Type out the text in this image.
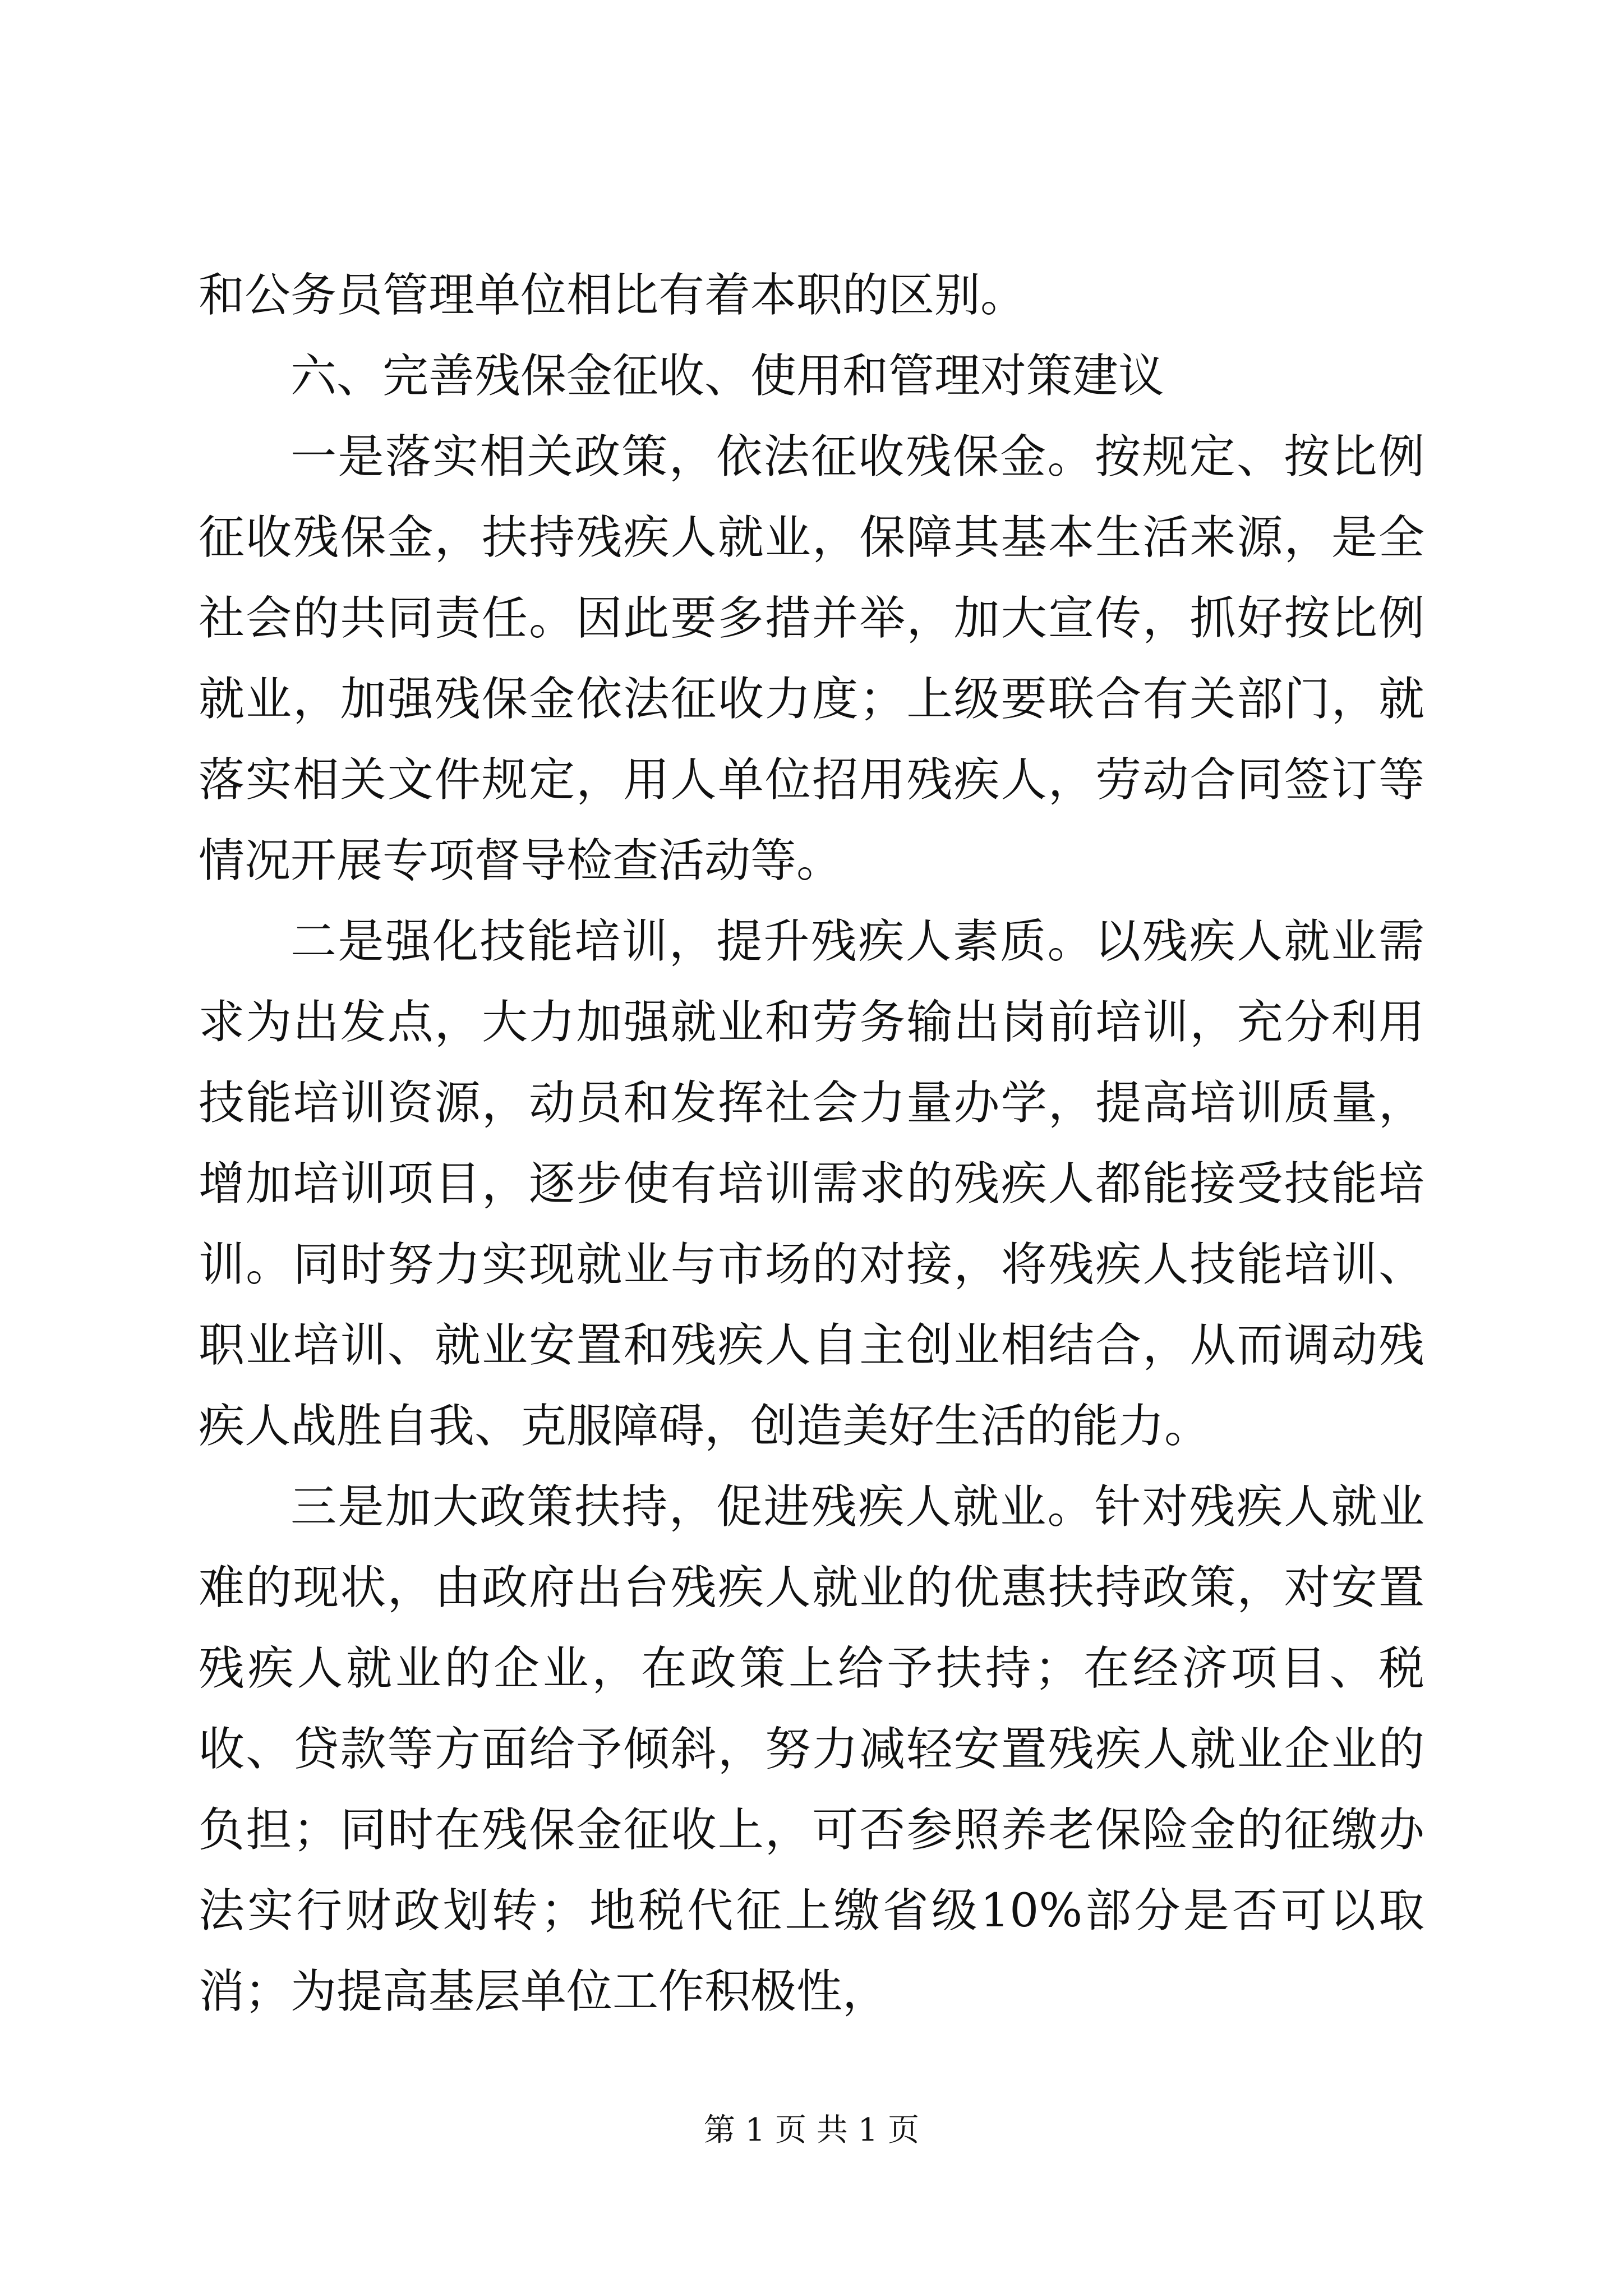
和公务员管理单位相比有着本职的区别。

六、完善残保金征收、使用和管理对策建议

一是落实相关政策，依法征收残保金。按规定、按比例征收残保金，扶持残疾人就业，保障其基本生活来源，是全社会的共同责任。因此要多措并举，加大宣传，抓好按比例就业，加强残保金依法征收力度；上级要联合有关部门，就落实相关文件规定，用人单位招用残疾人，劳动合同签订等情况开展专项督导检查活动等。

二是强化技能培训，提升残疾人素质。以残疾人就业需求为出发点，大力加强就业和劳务输出岗前培训，充分利用技能培训资源，动员和发挥社会力量办学，提高培训质量，增加培训项目，逐步使有培训需求的残疾人都能接受技能培训。同时努力实现就业与市场的对接，将残疾人技能培训、职业培训、就业安置和残疾人自主创业相结合，从而调动残疾人战胜自我、克服障碍，创造美好生活的能力。

三是加大政策扶持，促进残疾人就业。针对残疾人就业难的现状，由政府出台残疾人就业的优惠扶持政策，对安置残疾人就业的企业，在政策上给予扶持；在经济项目、税收、贷款等方面给予倾斜，努力减轻安置残疾人就业企业的负担；同时在残保金征收上，可否参照养老保险金的征缴办法实行财政划转；地税代征上缴省级10%部分是否可以取消；为提高基层单位工作积极性，

第 1 页 共 1 页
